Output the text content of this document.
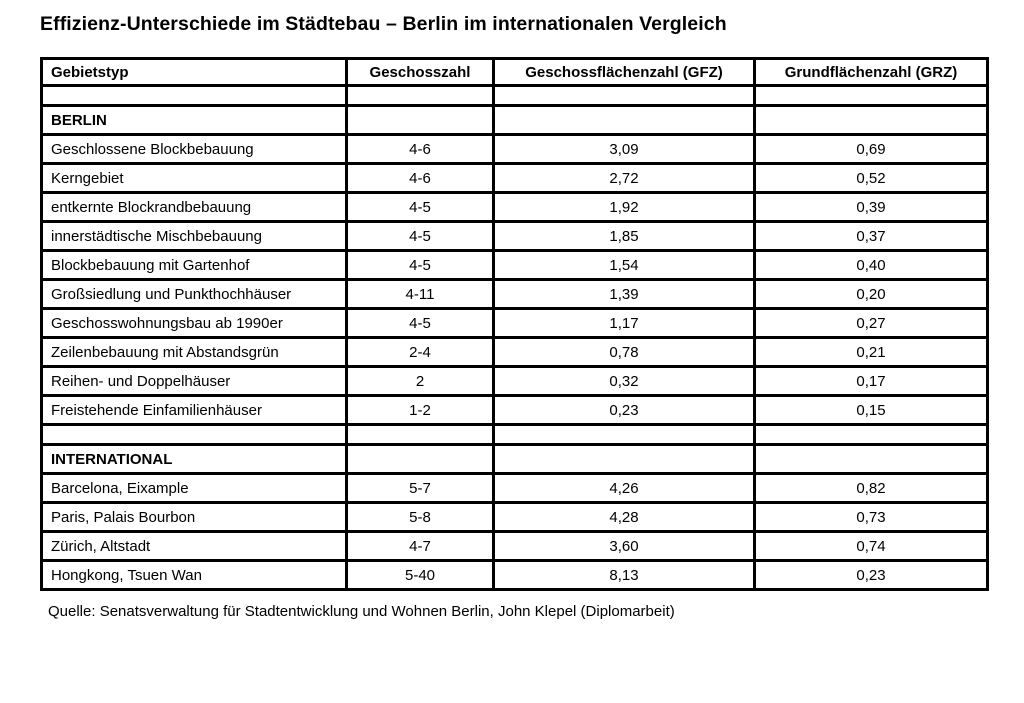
Effizienz-Unterschiede im Städtebau – Berlin im internationalen Vergleich
Gebietstyp	Geschosszahl	Geschossflächenzahl (GFZ)	Grundflächenzahl (GRZ)

BERLIN			
Geschlossene Blockbebauung	4-6	3,09	0,69
Kerngebiet	4-6	2,72	0,52
entkernte Blockrandbebauung	4-5	1,92	0,39
innerstädtische Mischbebauung	4-5	1,85	0,37
Blockbebauung mit Gartenhof	4-5	1,54	0,40
Großsiedlung und Punkthochhäuser	4-11	1,39	0,20
Geschosswohnungsbau ab 1990er	4-5	1,17	0,27
Zeilenbebauung mit Abstandsgrün	2-4	0,78	0,21
Reihen- und Doppelhäuser	2	0,32	0,17
Freistehende Einfamilienhäuser	1-2	0,23	0,15

INTERNATIONAL			
Barcelona, Eixample	5-7	4,26	0,82
Paris, Palais Bourbon	5-8	4,28	0,73
Zürich, Altstadt	4-7	3,60	0,74
Hongkong, Tsuen Wan	5-40	8,13	0,23

Quelle: Senatsverwaltung für Stadtentwicklung und Wohnen Berlin, John Klepel (Diplomarbeit)
